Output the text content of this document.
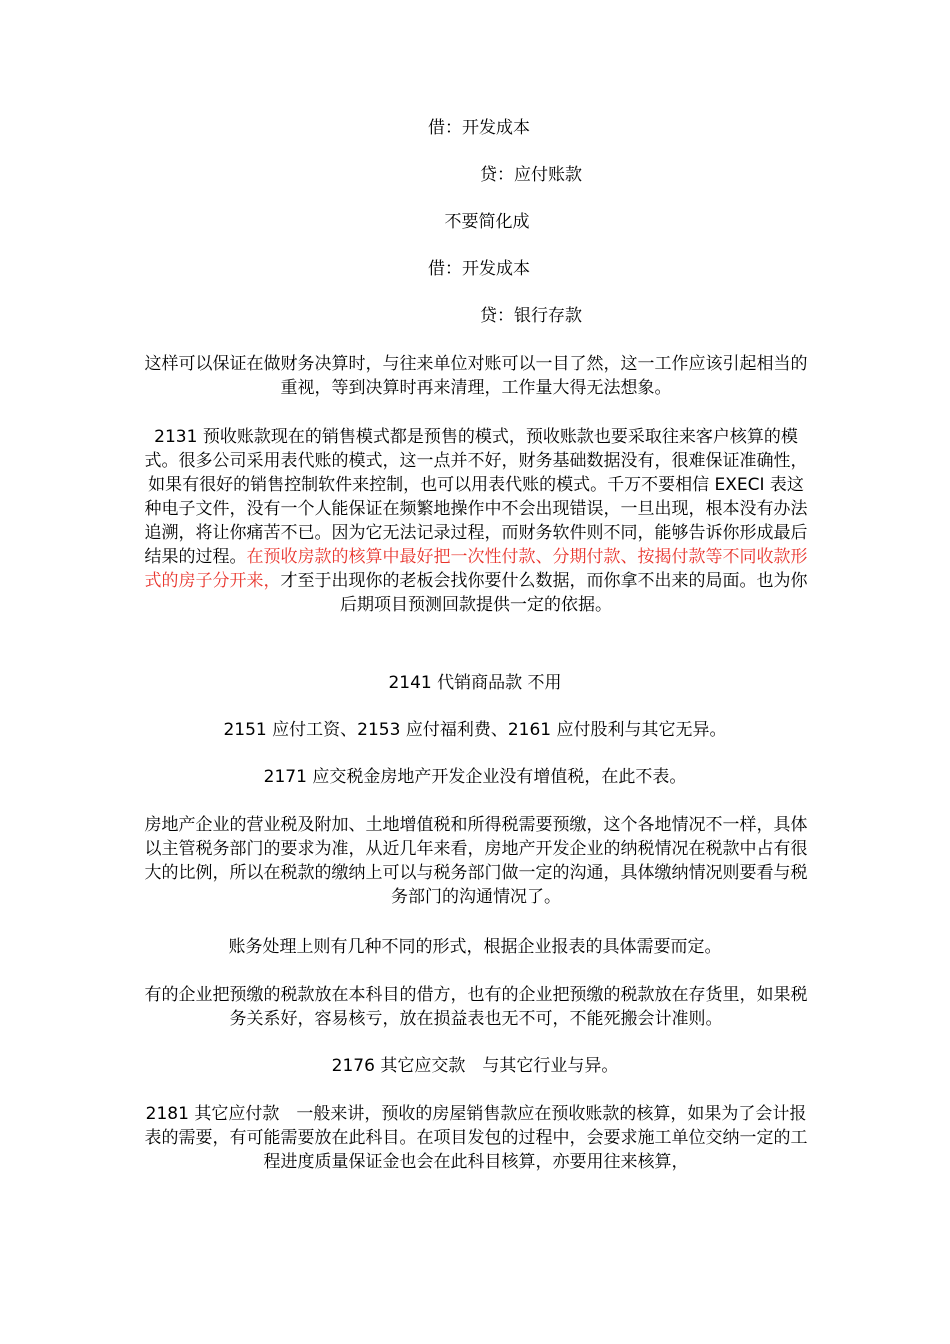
借：开发成本
贷：应付账款
不要简化成
借：开发成本
贷：银行存款
这样可以保证在做财务决算时，与往来单位对账可以一目了然，这一工作应该引起相当的重视，等到决算时再来清理，工作量大得无法想象。
2131 预收账款现在的销售模式都是预售的模式，预收账款也要采取往来客户核算的模式。很多公司采用表代账的模式，这一点并不好，财务基础数据没有，很难保证准确性，如果有很好的销售控制软件来控制，也可以用表代账的模式。千万不要相信 EXECI 表这种电子文件，没有一个人能保证在频繁地操作中不会出现错误，一旦出现，根本没有办法追溯，将让你痛苦不已。因为它无法记录过程，而财务软件则不同，能够告诉你形成最后结果的过程。在预收房款的核算中最好把一次性付款、分期付款、按揭付款等不同收款形式的房子分开来，才至于出现你的老板会找你要什么数据，而你拿不出来的局面。也为你后期项目预测回款提供一定的依据。
2141 代销商品款 不用
2151 应付工资、2153 应付福利费、2161 应付股利与其它无异。
2171 应交税金房地产开发企业没有增值税，在此不表。
房地产企业的营业税及附加、土地增值税和所得税需要预缴，这个各地情况不一样，具体以主管税务部门的要求为准，从近几年来看，房地产开发企业的纳税情况在税款中占有很大的比例，所以在税款的缴纳上可以与税务部门做一定的沟通，具体缴纳情况则要看与税务部门的沟通情况了。
账务处理上则有几种不同的形式，根据企业报表的具体需要而定。
有的企业把预缴的税款放在本科目的借方，也有的企业把预缴的税款放在存货里，如果税务关系好，容易核亏，放在损益表也无不可，不能死搬会计准则。
2176 其它应交款　与其它行业与异。
2181 其它应付款　一般来讲，预收的房屋销售款应在预收账款的核算，如果为了会计报表的需要，有可能需要放在此科目。在项目发包的过程中，会要求施工单位交纳一定的工程进度质量保证金也会在此科目核算，亦要用往来核算，
